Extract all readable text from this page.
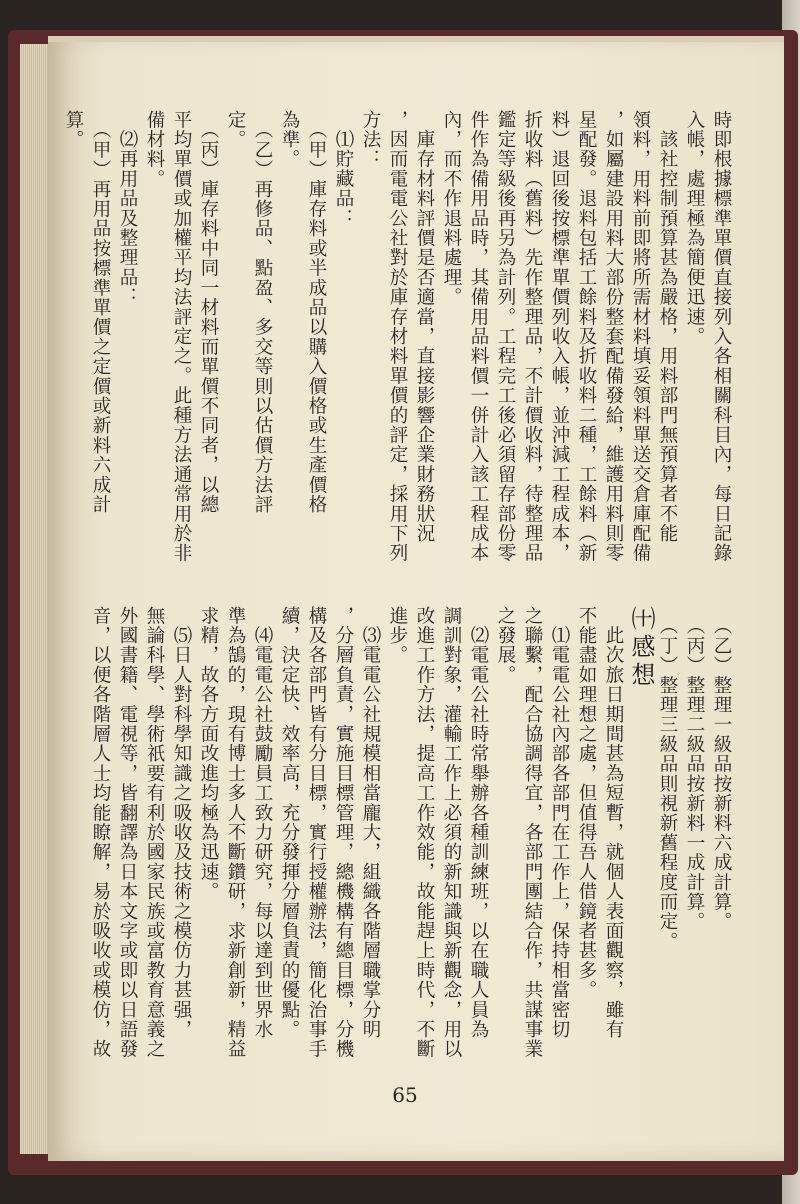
時即根據標準單價直接列入各相關科目內，每日記錄
入帳，處理極為簡便迅速。
　該社控制預算甚為嚴格，用料部門無預算者不能
領料，用料前即將所需材料填妥領料單送交倉庫配備
，如屬建設用料大部份整套配備發給，維護用料則零
星配發。退料包括工餘料及折收料二種，工餘料（新
料）退回後按標準單價列收入帳，並沖減工程成本，
折收料（舊料）先作整理品，不計價收料，待整理品
鑑定等級後再另為計列。工程完工後必須留存部份零
件作為備用品時，其備用品料價一併計入該工程成本
內，而不作退料處理。
　庫存材料評價是否適當，直接影響企業財務狀況
，因而電電公社對於庫存材料單價的評定，採用下列
方法：
　⑴貯藏品：
　（甲）庫存料或半成品以購入價格或生產價格
為準。
　（乙）再修品、點盈、多交等則以估價方法評
定。
　（丙）庫存料中同一材料而單價不同者，以總
平均單價或加權平均法評定之。此種方法通常用於非
備材料。
　⑵再用品及整理品：
　（甲）再用品按標準單價之定價或新料六成計
算。
　（乙）整理一級品按新料六成計算。
　（丙）整理二級品按新料一成計算。
　（丁）整理三級品則視新舊程度而定。
㈩感想
　此次旅日期間甚為短暫，就個人表面觀察，雖有
不能盡如理想之處，但值得吾人借鏡者甚多。
　⑴電電公社內部各部門在工作上，保持相當密切
之聯繫，配合協調得宜，各部門團結合作，共謀事業
之發展。
　⑵電電公社時常舉辦各種訓練班，以在職人員為
調訓對象，灌輸工作上必須的新知識與新觀念，用以
改進工作方法，提高工作效能，故能趕上時代，不斷
進步。
　⑶電電公社規模相當龐大，組織各階層職掌分明
，分層負責，實施目標管理，總機構有總目標，分機
構及各部門皆有分目標，實行授權辦法，簡化治事手
續，決定快、效率高，充分發揮分層負責的優點。
　⑷電電公社鼓勵員工致力研究，每以達到世界水
準為鵠的，現有博士多人不斷鑽研，求新創新，精益
求精，故各方面改進均極為迅速。
　⑸日人對科學知識之吸收及技術之模仿力甚强，
無論科學、學術祇要有利於國家民族或富教育意義之
外國書籍、電視等，皆翻譯為日本文字或即以日語發
音，以便各階層人士均能瞭解，易於吸收或模仿，故
65
